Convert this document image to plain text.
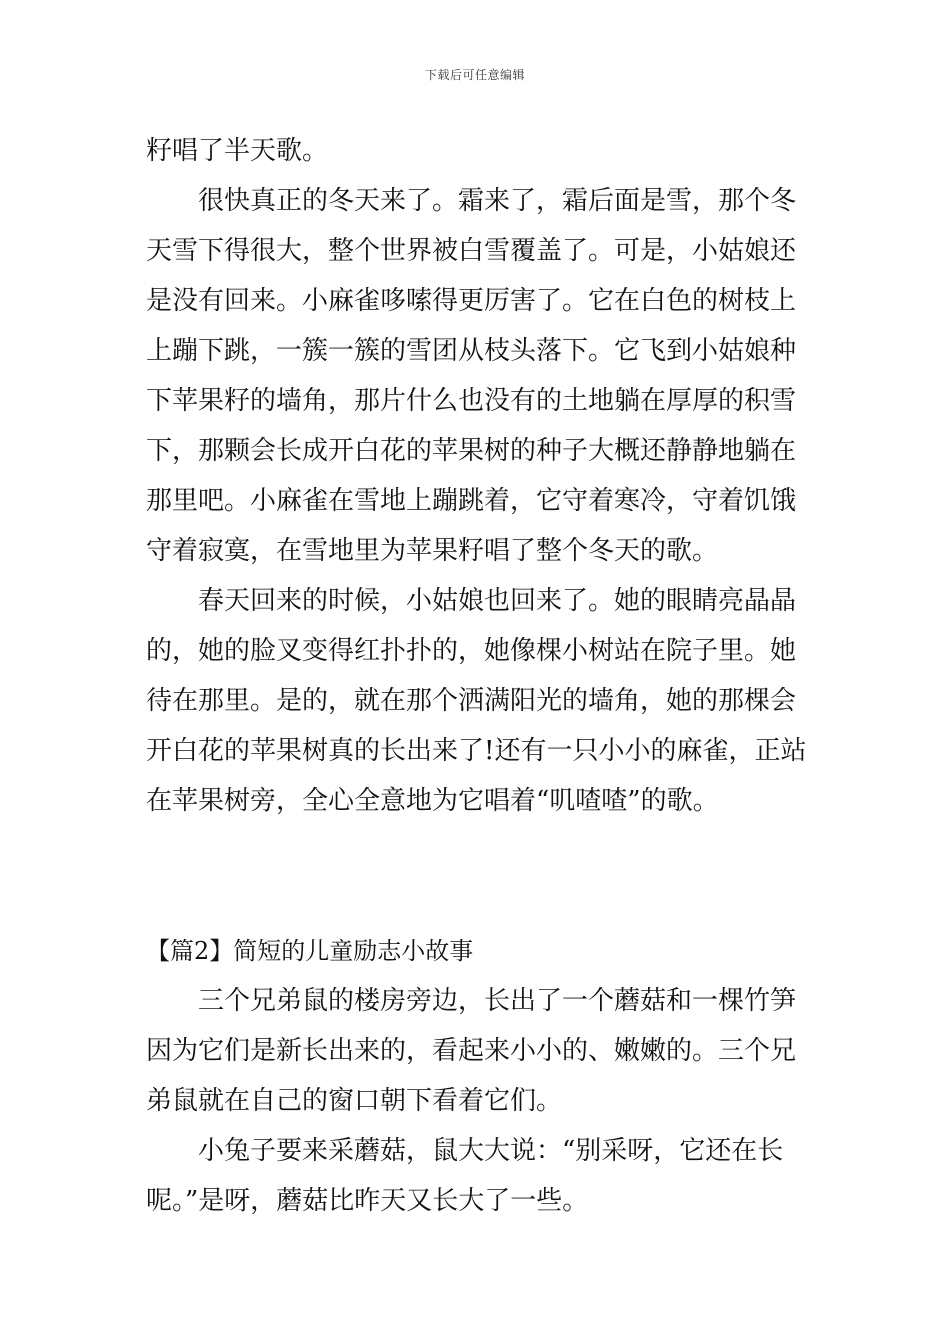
下载后可任意编辑

籽唱了半天歌。

很快真正的冬天来了。霜来了，霜后面是雪，那个冬天雪下得很大，整个世界被白雪覆盖了。可是，小姑娘还是没有回来。小麻雀哆嗦得更厉害了。它在白色的树枝上上蹦下跳，一簇一簇的雪团从枝头落下。它飞到小姑娘种下苹果籽的墙角，那片什么也没有的土地躺在厚厚的积雪下，那颗会长成开白花的苹果树的种子大概还静静地躺在那里吧。小麻雀在雪地上蹦跳着，它守着寒冷，守着饥饿守着寂寞，在雪地里为苹果籽唱了整个冬天的歌。

春天回来的时候，小姑娘也回来了。她的眼睛亮晶晶的，她的脸叉变得红扑扑的，她像棵小树站在院子里。她待在那里。是的，就在那个洒满阳光的墙角，她的那棵会开白花的苹果树真的长出来了!还有一只小小的麻雀，正站在苹果树旁，全心全意地为它唱着“叽喳喳”的歌。

【篇2】简短的儿童励志小故事

三个兄弟鼠的楼房旁边，长出了一个蘑菇和一棵竹笋因为它们是新长出来的，看起来小小的、嫩嫩的。三个兄弟鼠就在自己的窗口朝下看着它们。

小兔子要来采蘑菇，鼠大大说：“别采呀，它还在长呢。”是呀，蘑菇比昨天又长大了一些。
